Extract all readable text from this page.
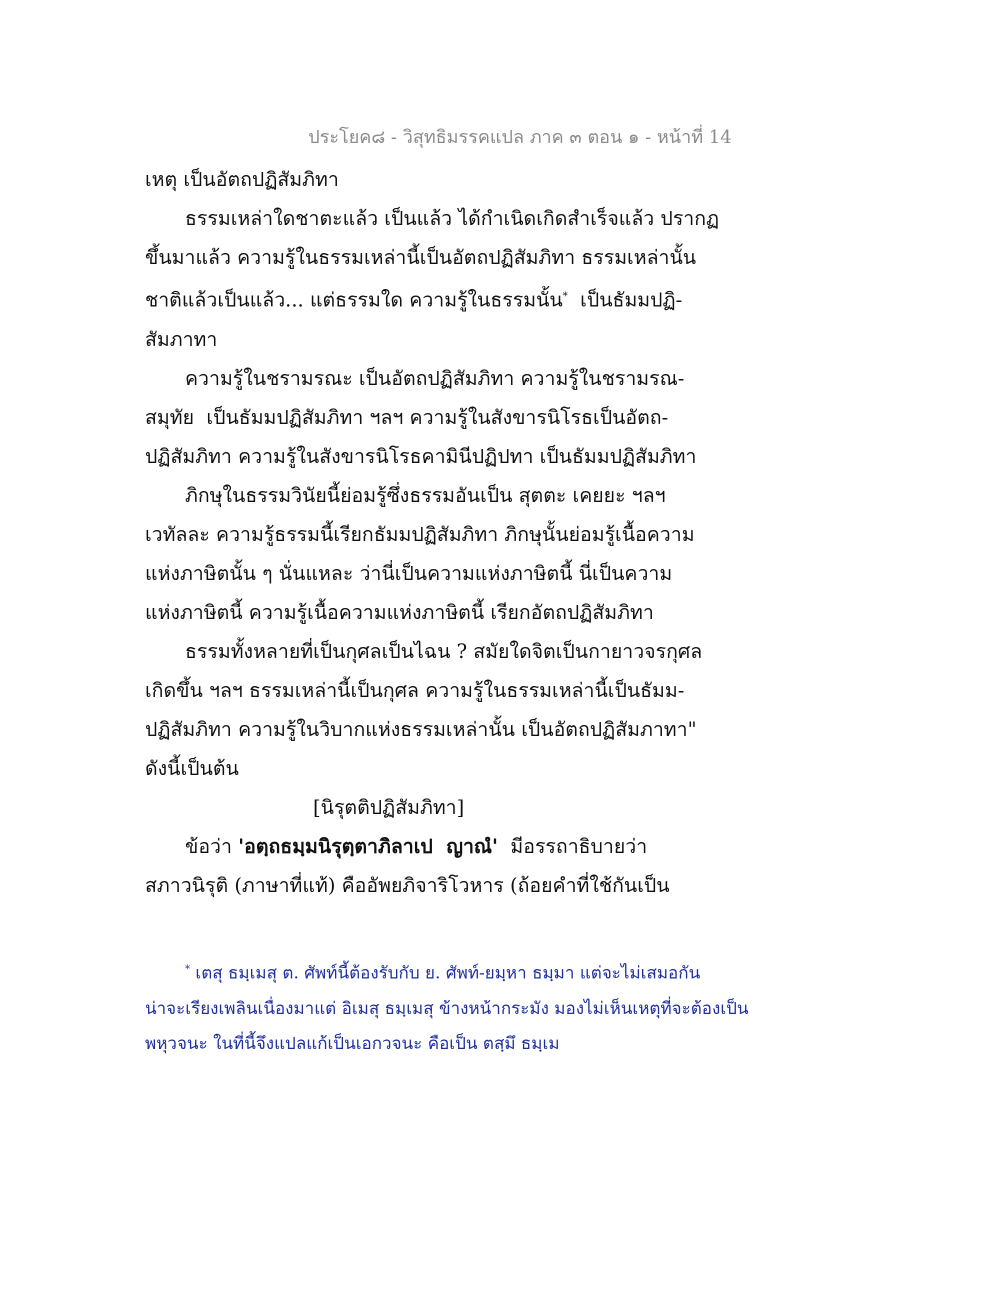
ประโยค๘ - วิสุทธิมรรคแปล ภาค ๓ ตอน ๑ - หน้าที่ 14
เหตุ เป็นอัตถปฏิสัมภิทา
ธรรมเหล่าใดชาตะแล้ว เป็นแล้ว ได้กำเนิดเกิดสำเร็จแล้ว ปรากฏ
ขึ้นมาแล้ว ความรู้ในธรรมเหล่านี้เป็นอัตถปฏิสัมภิทา ธรรมเหล่านั้น
ชาติแล้วเป็นแล้ว... แต่ธรรมใด ความรู้ในธรรมนั้น*  เป็นธัมมปฏิ-
สัมภาทา
ความรู้ในชรามรณะ เป็นอัตถปฏิสัมภิทา ความรู้ในชรามรณ-
สมุทัย  เป็นธัมมปฏิสัมภิทา ฯลฯ ความรู้ในสังขารนิโรธเป็นอัตถ-
ปฏิสัมภิทา ความรู้ในสังขารนิโรธคามินีปฏิปทา เป็นธัมมปฏิสัมภิทา
ภิกษุในธรรมวินัยนี้ย่อมรู้ซึ่งธรรมอันเป็น สุตตะ เคยยะ ฯลฯ
เวทัลละ ความรู้ธรรมนี้เรียกธัมมปฏิสัมภิทา ภิกษุนั้นย่อมรู้เนื้อความ
แห่งภาษิตนั้น ๆ นั่นแหละ ว่านี่เป็นความแห่งภาษิตนี้ นี่เป็นความ
แห่งภาษิตนี้ ความรู้เนื้อความแห่งภาษิตนี้ เรียกอัตถปฏิสัมภิทา
ธรรมทั้งหลายที่เป็นกุศลเป็นไฉน ? สมัยใดจิตเป็นกายาวจรกุศล
เกิดขึ้น ฯลฯ ธรรมเหล่านี้เป็นกุศล ความรู้ในธรรมเหล่านี้เป็นธัมม-
ปฏิสัมภิทา ความรู้ในวิบากแห่งธรรมเหล่านั้น เป็นอัตถปฏิสัมภาทา"
ดังนี้เป็นต้น
[นิรุตติปฏิสัมภิทา]
ข้อว่า 'อตฺถธมฺมนิรุตฺตาภิลาเป  ญาณํ'  มีอรรถาธิบายว่า
สภาวนิรุติ (ภาษาที่แท้) คืออัพยภิจาริโวหาร (ถ้อยคำที่ใช้กันเป็น
* เตสุ ธมฺเมสุ ต. ศัพท์นี้ต้องรับกับ ย. ศัพท์-ยมฺหา ธมฺมา แต่จะไม่เสมอกัน
น่าจะเรียงเพลินเนื่องมาแต่ อิเมสุ ธมฺเมสุ ข้างหน้ากระมัง มองไม่เห็นเหตุที่จะต้องเป็น
พหุวจนะ ในที่นี้จึงแปลแก้เป็นเอกวจนะ คือเป็น ตสฺมึ ธมฺเม
